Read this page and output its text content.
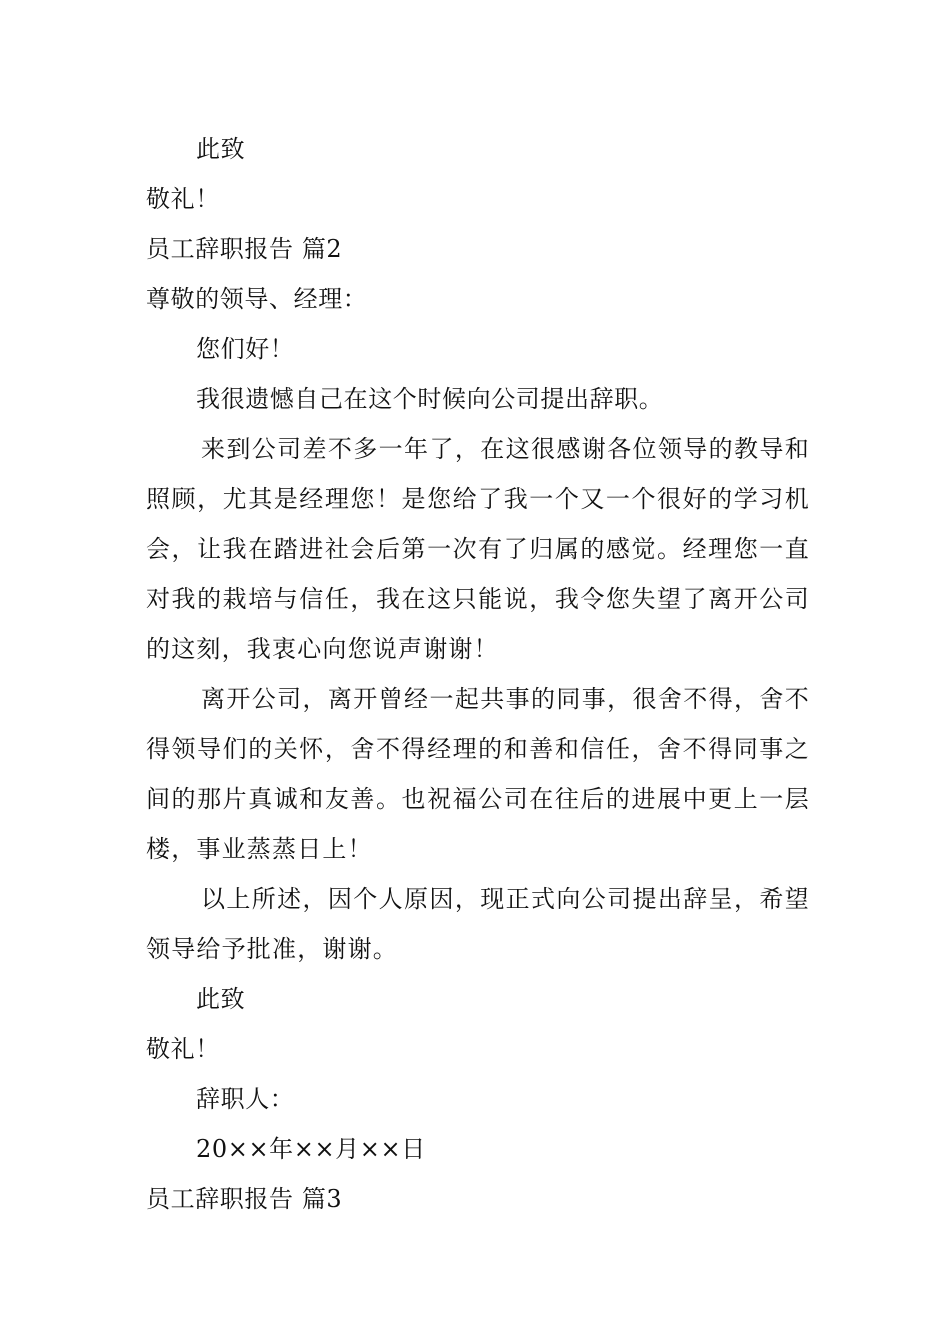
此致
敬礼！
员工辞职报告 篇2
尊敬的领导、经理：
您们好！
我很遗憾自己在这个时候向公司提出辞职。

来到公司差不多一年了，在这很感谢各位领导的教导和照顾，尤其是经理您！是您给了我一个又一个很好的学习机会，让我在踏进社会后第一次有了归属的感觉。经理您一直对我的栽培与信任，我在这只能说，我令您失望了离开公司的这刻，我衷心向您说声谢谢！

离开公司，离开曾经一起共事的同事，很舍不得，舍不得领导们的关怀，舍不得经理的和善和信任，舍不得同事之间的那片真诚和友善。也祝福公司在往后的进展中更上一层楼，事业蒸蒸日上！

以上所述，因个人原因，现正式向公司提出辞呈，希望领导给予批准，谢谢。

此致
敬礼！
辞职人：
20××年××月××日
员工辞职报告 篇3
